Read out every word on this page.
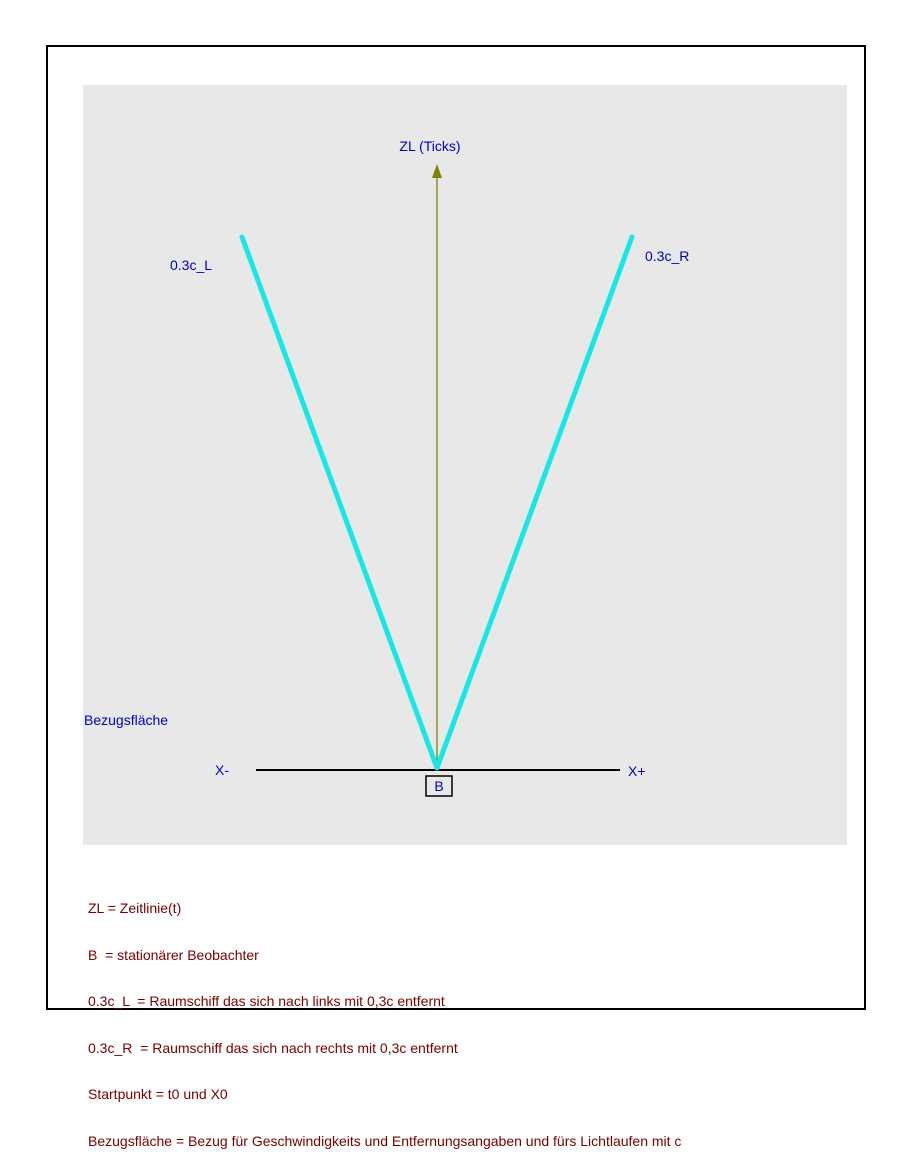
B
ZL (Ticks)
0.3c_L
0.3c_R
Bezugsfläche
X-	X+

ZL = Zeitlinie(t)

B  = stationärer Beobachter

0.3c_L  = Raumschiff das sich nach links mit 0,3c entfernt

0.3c_R  = Raumschiff das sich nach rechts mit 0,3c entfernt

Startpunkt = t0 und X0

Bezugsfläche = Bezug für Geschwindigkeits und Entfernungsangaben und fürs Lichtlaufen mit c
